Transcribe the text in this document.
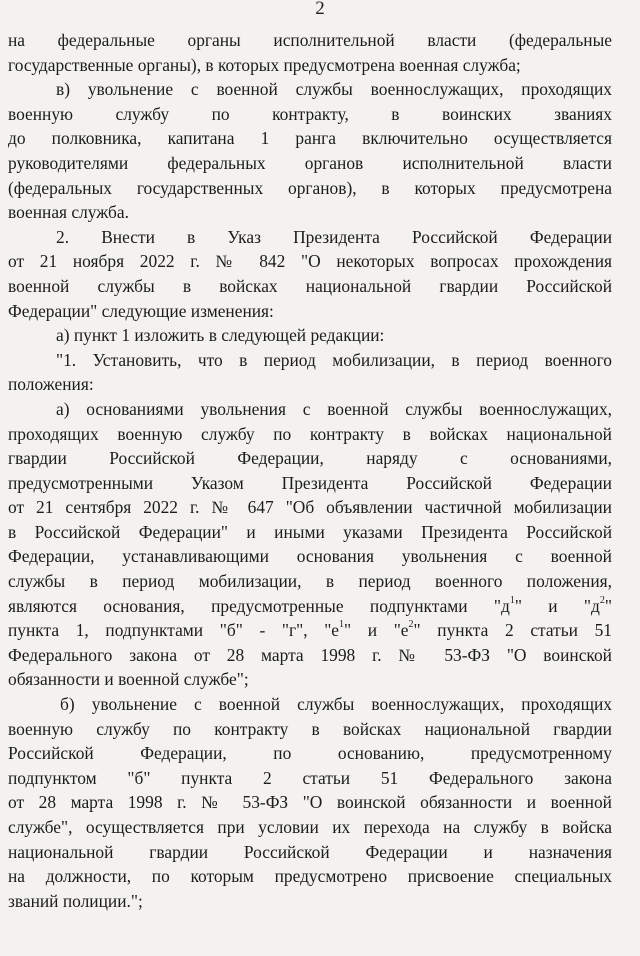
2
на федеральные органы исполнительной власти (федеральные
государственные органы), в которых предусмотрена военная служба;
в) увольнение с военной службы военнослужащих, проходящих
военную службу по контракту, в воинских званиях
до полковника, капитана 1 ранга включительно осуществляется
руководителями федеральных органов исполнительной власти
(федеральных государственных органов), в которых предусмотрена
военная служба.
2. Внести в Указ Президента Российской Федерации
от 21 ноября 2022 г. № 842 "О некоторых вопросах прохождения
военной службы в войсках национальной гвардии Российской
Федерации" следующие изменения:
а) пункт 1 изложить в следующей редакции:
"1. Установить, что в период мобилизации, в период военного
положения:
а) основаниями увольнения с военной службы военнослужащих,
проходящих военную службу по контракту в войсках национальной
гвардии Российской Федерации, наряду с основаниями,
предусмотренными Указом Президента Российской Федерации
от 21 сентября 2022 г. № 647 "Об объявлении частичной мобилизации
в Российской Федерации" и иными указами Президента Российской
Федерации, устанавливающими основания увольнения с военной
службы в период мобилизации, в период военного положения,
являются основания, предусмотренные подпунктами "$д^1$" и "$д^2$"
пункта 1, подпунктами "б" - "г", "$е^1$" и "$е^2$" пункта 2 статьи 51
Федерального закона от 28 марта 1998 г. № 53-ФЗ "О воинской
обязанности и военной службе";
б) увольнение с военной службы военнослужащих, проходящих
военную службу по контракту в войсках национальной гвардии
Российской Федерации, по основанию, предусмотренному
подпунктом "б" пункта 2 статьи 51 Федерального закона
от 28 марта 1998 г. № 53-ФЗ "О воинской обязанности и военной
службе", осуществляется при условии их перехода на службу в войска
национальной гвардии Российской Федерации и назначения
на должности, по которым предусмотрено присвоение специальных
званий полиции.";
